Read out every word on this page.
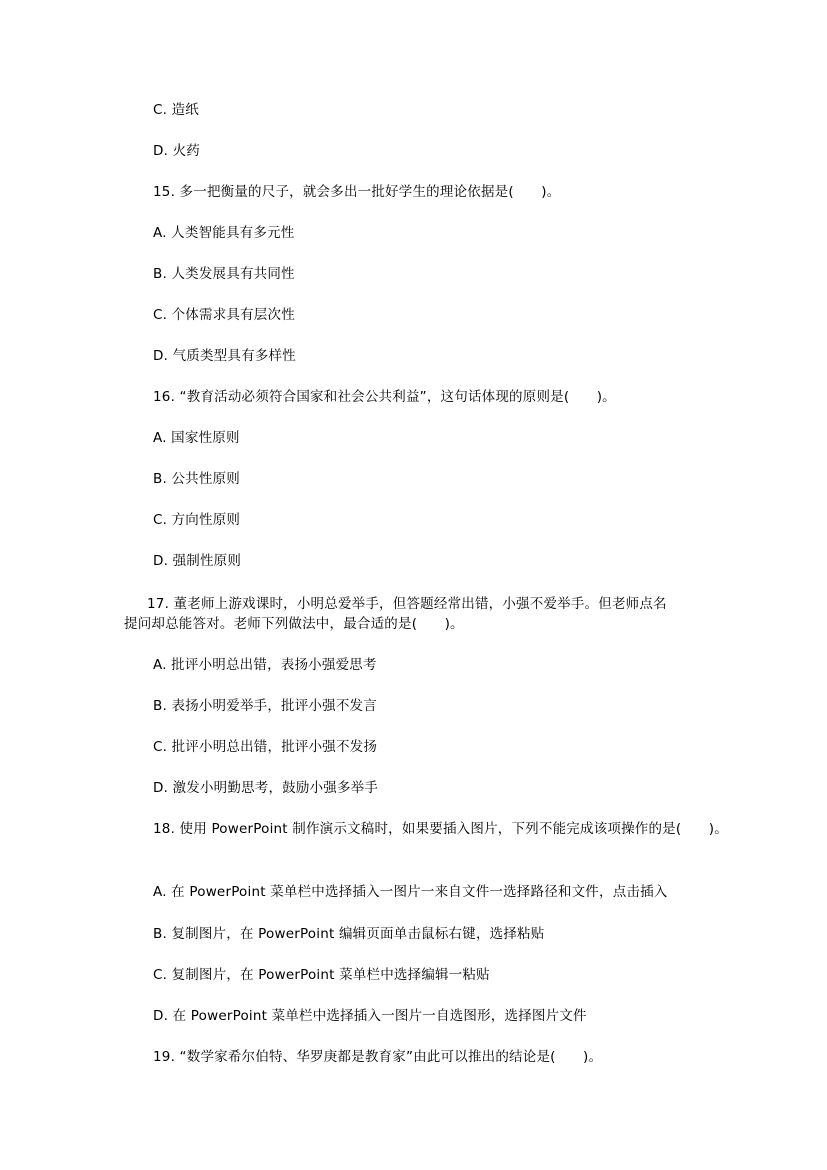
C. 造纸
D. 火药
15. 多一把衡量的尺子，就会多出一批好学生的理论依据是(　　)。
A. 人类智能具有多元性
B. 人类发展具有共同性
C. 个体需求具有层次性
D. 气质类型具有多样性
16. “教育活动必须符合国家和社会公共利益”，这句话体现的原则是(　　)。
A. 国家性原则
B. 公共性原则
C. 方向性原则
D. 强制性原则
17. 董老师上游戏课时，小明总爱举手，但答题经常出错，小强不爱举手。但老师点名
提问却总能答对。老师下列做法中，最合适的是(　　)。
A. 批评小明总出错，表扬小强爱思考
B. 表扬小明爱举手，批评小强不发言
C. 批评小明总出错，批评小强不发扬
D. 激发小明勤思考，鼓励小强多举手
18. 使用 PowerPoint 制作演示文稿时，如果要插入图片，下列不能完成该项操作的是(　　)。
A. 在 PowerPoint 菜单栏中选择插入一图片一来自文件一选择路径和文件，点击插入
B. 复制图片，在 PowerPoint 编辑页面单击鼠标右键，选择粘贴
C. 复制图片，在 PowerPoint 菜单栏中选择编辑一粘贴
D. 在 PowerPoint 菜单栏中选择插入一图片一自选图形，选择图片文件
19. “数学家希尔伯特、华罗庚都是教育家”由此可以推出的结论是(　　)。
